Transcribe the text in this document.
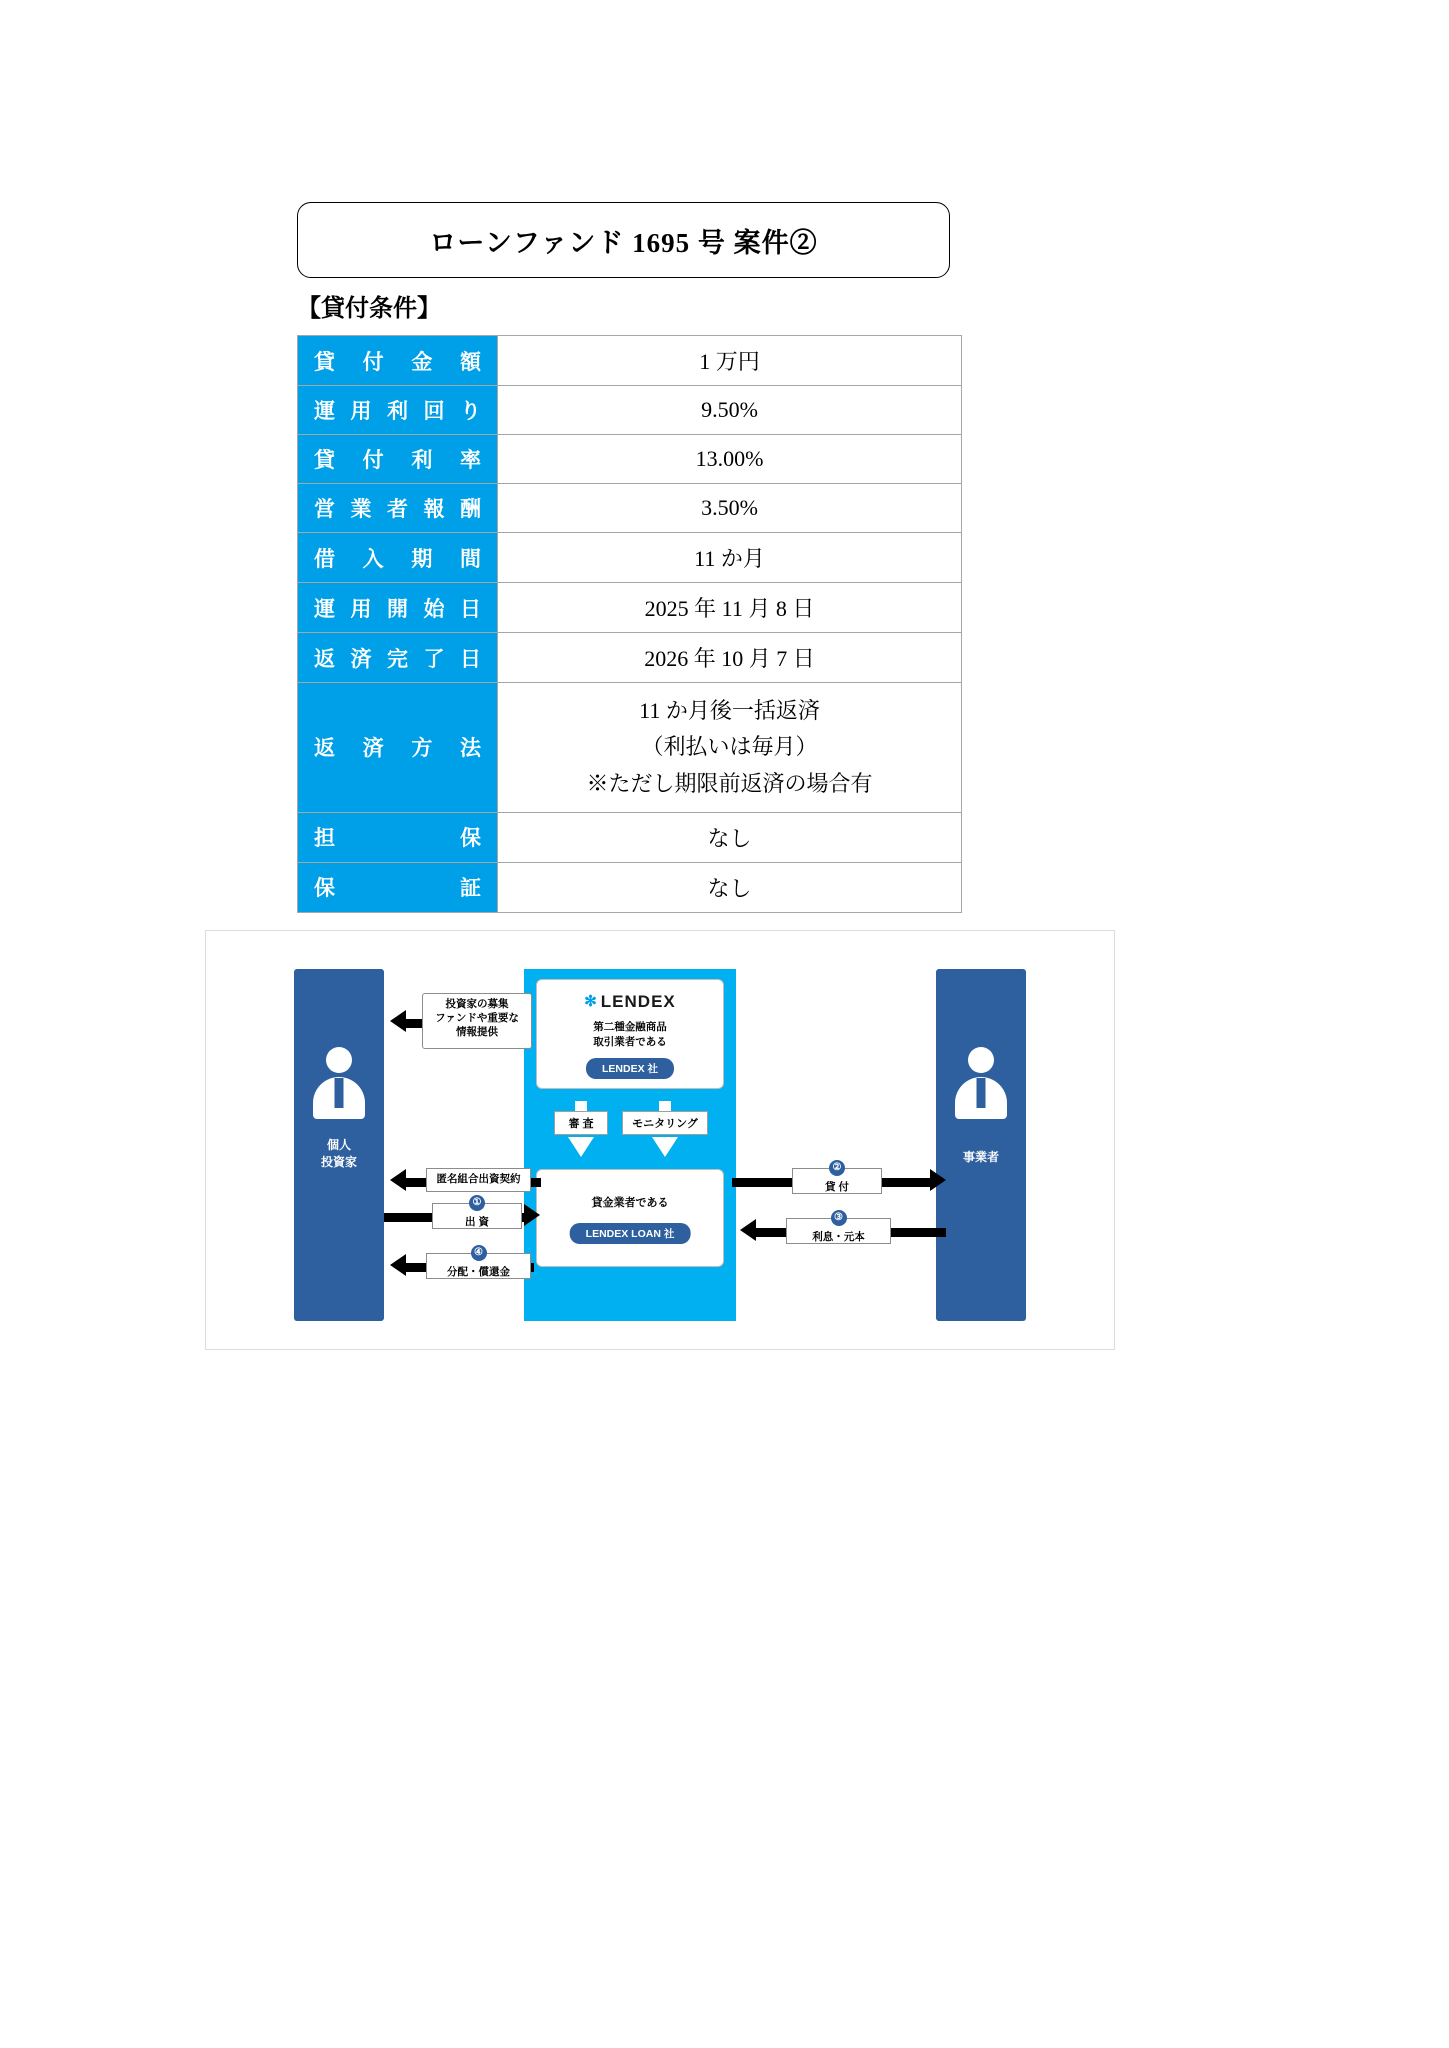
ローンファンド 1695 号 案件②
【貸付条件】
貸 付 金 額	1 万円
運 用 利 回 り	9.50%
貸 付 利 率	13.00%
営 業 者 報 酬	3.50%
借 入 期 間	11 か月
運 用 開 始 日	2025 年 11 月 8 日
返 済 完 了 日	2026 年 10 月 7 日
返 済 方 法	11 か月後一括返済
（利払いは毎月）
※ただし期限前返済の場合有

担　　　　保	なし
保　　　　証	なし
個人
投資家	事業者
✻ LENDEX
第二種金融商品
取引業者である
LENDEX 社
審 査	モニタリング
貸金業者である
LENDEX LOAN 社
投資家の募集
ファンドや重要な
情報提供
匿名組合出資契約
①
出 資
④
分配・償還金
②
貸 付
③
利息・元本
